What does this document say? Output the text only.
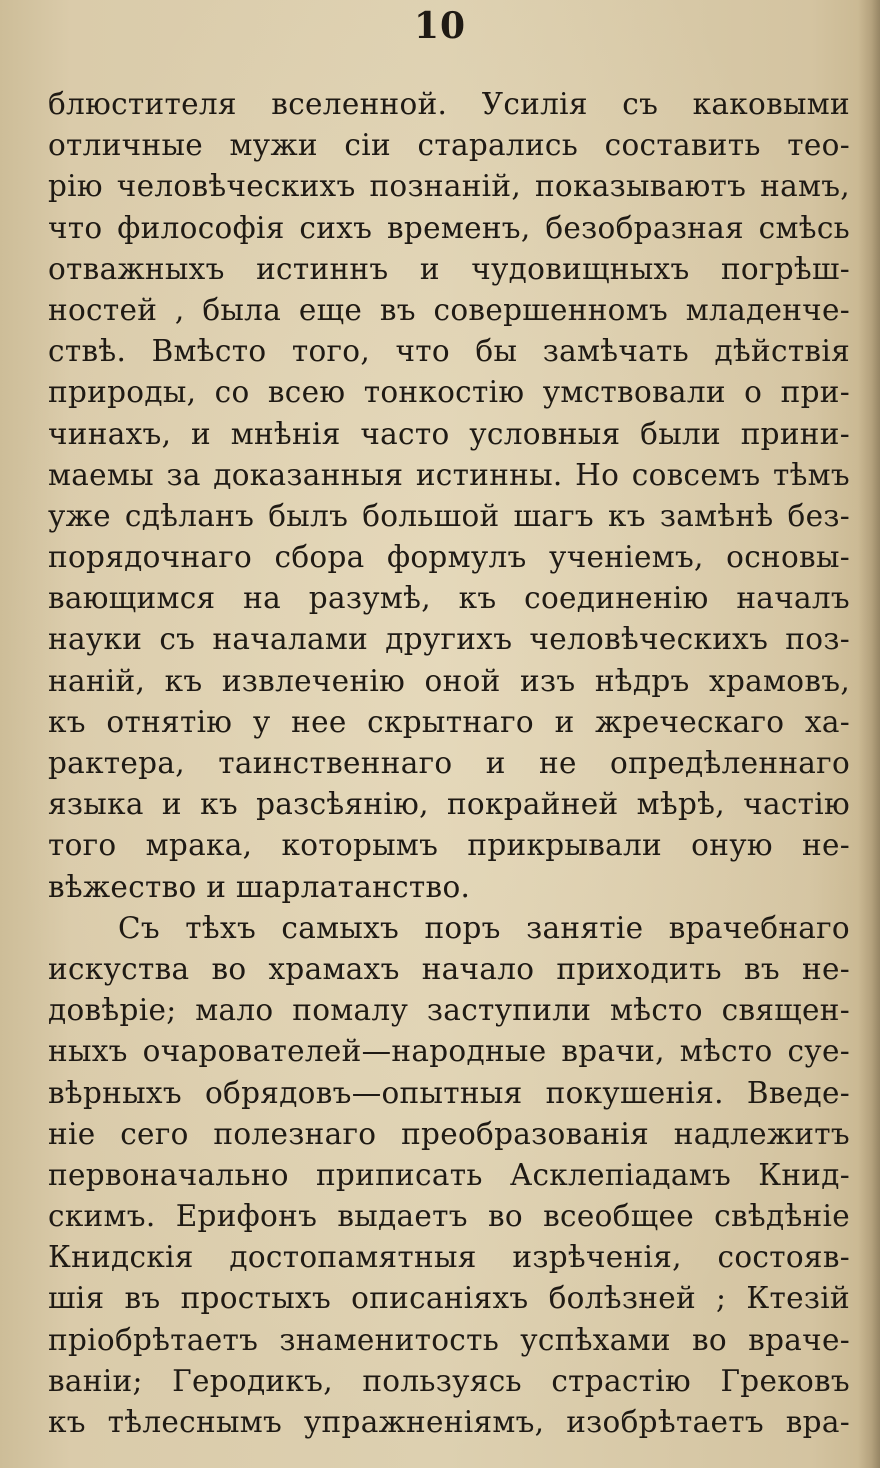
10
блюстителя вселенной. Усилія съ каковыми
отличные мужи сіи старались составить тео-
рію человѣческихъ познаній, показываютъ намъ,
что философія сихъ временъ, безобразная смѣсь
отважныхъ истиннъ и чудовищныхъ погрѣш-
ностей , была еще въ совершенномъ младенче-
ствѣ. Вмѣсто того, что бы замѣчать дѣйствія
природы, со всею тонкостію умствовали о при-
чинахъ, и мнѣнія часто условныя были прини-
маемы за доказанныя истинны. Но совсемъ тѣмъ
уже сдѣланъ былъ большой шагъ къ замѣнѣ без-
порядочнаго сбора формулъ ученіемъ, основы-
вающимся на разумѣ, къ соединенію началъ
науки съ началами другихъ человѣческихъ поз-
наній, къ извлеченію оной изъ нѣдръ храмовъ,
къ отнятію у нее скрытнаго и жреческаго ха-
рактера, таинственнаго и не опредѣленнаго
языка и къ разсѣянію, покрайней мѣрѣ, частію
того мрака, которымъ прикрывали оную не-
вѣжество и шарлатанство.
Съ тѣхъ самыхъ поръ занятіе врачебнаго
искуства во храмахъ начало приходить въ не-
довѣріе; мало помалу заступили мѣсто священ-
ныхъ очарователей—народные врачи, мѣсто суе-
вѣрныхъ обрядовъ—опытныя покушенія. Введе-
ніе сего полезнаго преобразованія надлежитъ
первоначально приписать Асклепіадамъ Книд-
скимъ. Ерифонъ выдаетъ во всеобщее свѣдѣніе
Книдскія достопамятныя изрѣченія, состояв-
шія въ простыхъ описаніяхъ болѣзней ; Ктезій
пріобрѣтаетъ знаменитость успѣхами во враче-
ваніи; Геродикъ, пользуясь страстію Грековъ
къ тѣлеснымъ упражненіямъ, изобрѣтаетъ вра-
